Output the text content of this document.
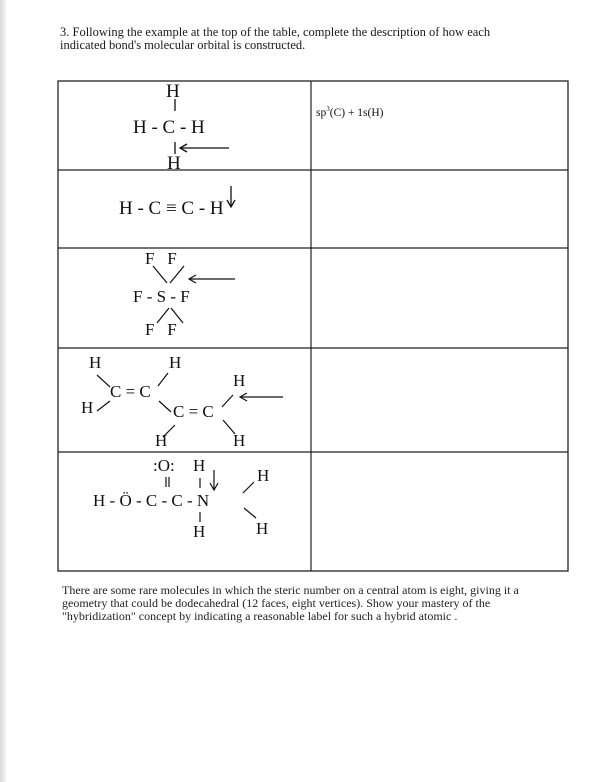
3. Following the example at the top of the table, complete the description of how each
indicated bond's molecular orbital is constructed.
H
H - C - H
H
$sp^3(C) + 1s(H)$
H - C ≡ C - H
F   F
F - S - F
F   F
H	H
C = C
H
H
C = C
H	H
:O: H
H
H - Ö - C - C - N
H	H
There are some rare molecules in which the steric number on a central atom is eight, giving it a
geometry that could be dodecahedral (12 faces, eight vertices). Show your mastery of the
"hybridization" concept by indicating a reasonable label for such a hybrid atomic .
